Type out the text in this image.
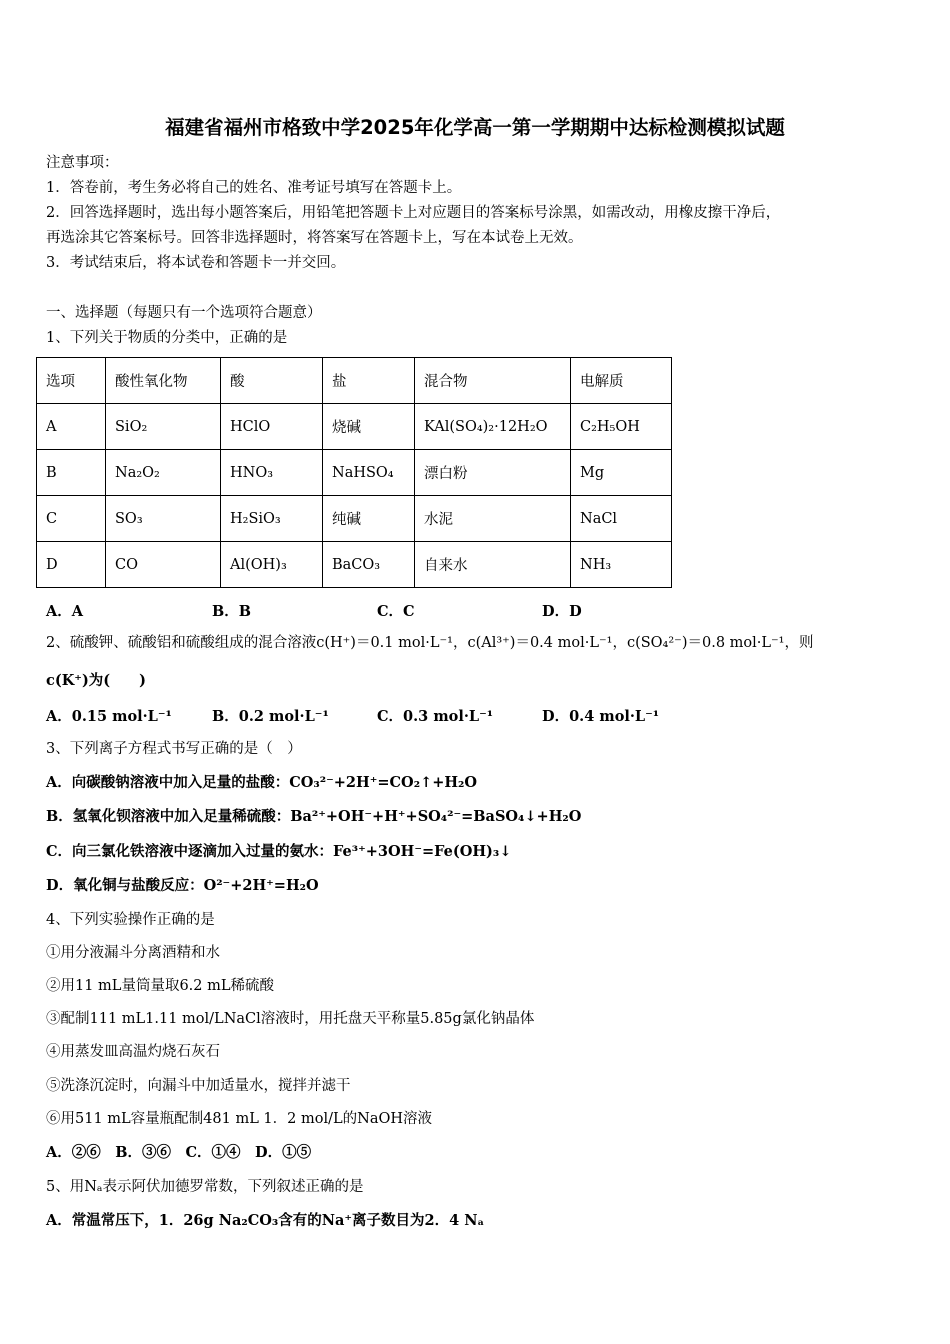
福建省福州市格致中学2025年化学高一第一学期期中达标检测模拟试题
注意事项：
1．答卷前，考生务必将自己的姓名、准考证号填写在答题卡上。
2．回答选择题时，选出每小题答案后，用铅笔把答题卡上对应题目的答案标号涂黑，如需改动，用橡皮擦干净后，
再选涂其它答案标号。回答非选择题时，将答案写在答题卡上，写在本试卷上无效。
3．考试结束后，将本试卷和答题卡一并交回。
一、选择题（每题只有一个选项符合题意）
1、下列关于物质的分类中，正确的是
选项	酸性氧化物	酸	盐	混合物	电解质
A	SiO₂	HClO	烧碱	KAl(SO₄)₂·12H₂O	C₂H₅OH
B	Na₂O₂	HNO₃	NaHSO₄	漂白粉	Mg
C	SO₃	H₂SiO₃	纯碱	水泥	NaCl
D	CO	Al(OH)₃	BaCO₃	自来水	NH₃
A．A	B．B	C．C	D．D
2、硫酸钾、硫酸铝和硫酸组成的混合溶液c(H⁺)＝0.1 mol·L⁻¹，c(Al³⁺)＝0.4 mol·L⁻¹，c(SO₄²⁻)＝0.8 mol·L⁻¹，则
c(K⁺)为(　　)
A．0.15 mol·L⁻¹	B．0.2 mol·L⁻¹	C．0.3 mol·L⁻¹	D．0.4 mol·L⁻¹
3、下列离子方程式书写正确的是（　）
A．向碳酸钠溶液中加入足量的盐酸：CO₃²⁻+2H⁺=CO₂↑+H₂O
B．氢氧化钡溶液中加入足量稀硫酸：Ba²⁺+OH⁻+H⁺+SO₄²⁻=BaSO₄↓+H₂O
C．向三氯化铁溶液中逐滴加入过量的氨水：Fe³⁺+3OH⁻=Fe(OH)₃↓
D．氧化铜与盐酸反应：O²⁻+2H⁺=H₂O
4、下列实验操作正确的是
①用分液漏斗分离酒精和水
②用11 mL量筒量取6.2 mL稀硫酸
③配制111 mL1.11 mol/LNaCl溶液时，用托盘天平称量5.85g氯化钠晶体
④用蒸发皿高温灼烧石灰石
⑤洗涤沉淀时，向漏斗中加适量水，搅拌并滤干
⑥用511 mL容量瓶配制481 mL 1．2 mol/L的NaOH溶液
A．②⑥　B．③⑥　C．①④　D．①⑤
5、用Nₐ表示阿伏加德罗常数，下列叙述正确的是
A．常温常压下，1．26g Na₂CO₃含有的Na⁺离子数目为2．4 Nₐ
